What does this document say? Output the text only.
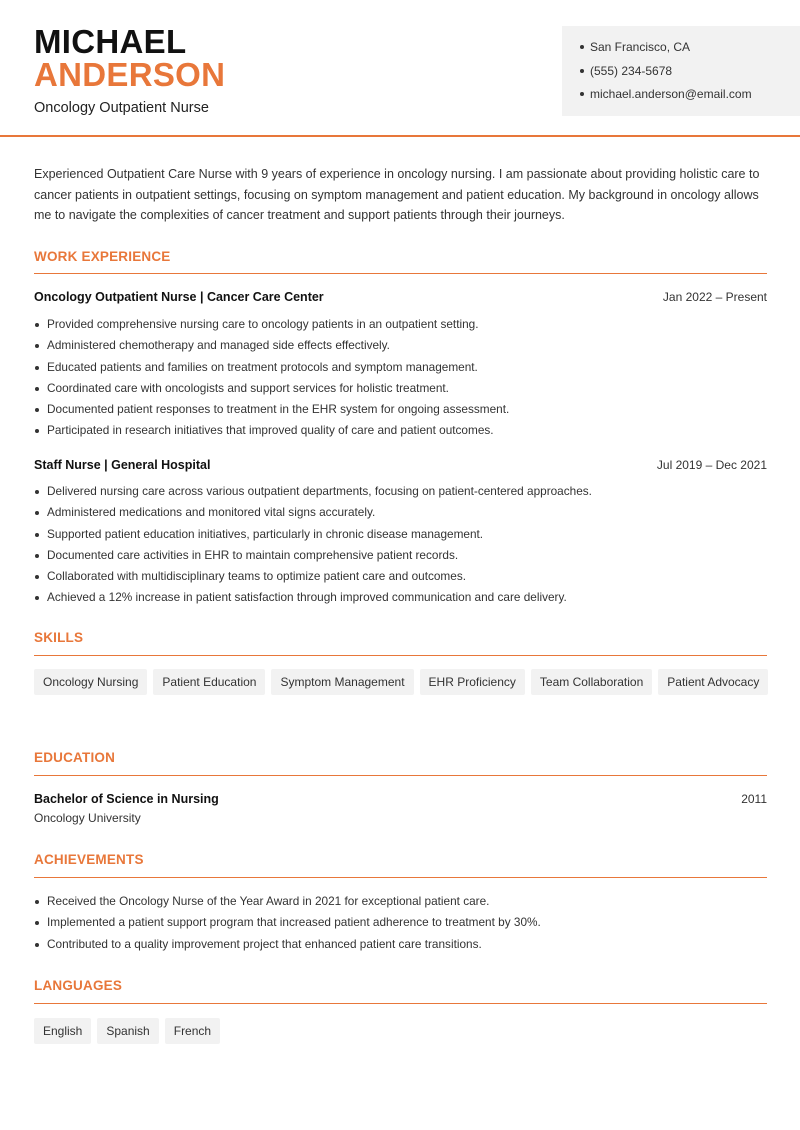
MICHAEL
ANDERSON
Oncology Outpatient Nurse
San Francisco, CA
(555) 234-5678
michael.anderson@email.com

Experienced Outpatient Care Nurse with 9 years of experience in oncology nursing. I am passionate about providing holistic care to cancer patients in outpatient settings, focusing on symptom management and patient education. My background in oncology allows me to navigate the complexities of cancer treatment and support patients through their journeys.

WORK EXPERIENCE
Oncology Outpatient Nurse | Cancer Care Center	Jan 2022 – Present
Provided comprehensive nursing care to oncology patients in an outpatient setting.
Administered chemotherapy and managed side effects effectively.
Educated patients and families on treatment protocols and symptom management.
Coordinated care with oncologists and support services for holistic treatment.
Documented patient responses to treatment in the EHR system for ongoing assessment.
Participated in research initiatives that improved quality of care and patient outcomes.
Staff Nurse | General Hospital	Jul 2019 – Dec 2021
Delivered nursing care across various outpatient departments, focusing on patient-centered approaches.
Administered medications and monitored vital signs accurately.
Supported patient education initiatives, particularly in chronic disease management.
Documented care activities in EHR to maintain comprehensive patient records.
Collaborated with multidisciplinary teams to optimize patient care and outcomes.
Achieved a 12% increase in patient satisfaction through improved communication and care delivery.
SKILLS
Oncology Nursing	Patient Education	Symptom Management	EHR Proficiency	Team Collaboration	Patient Advocacy
EDUCATION
Bachelor of Science in Nursing	2011
Oncology University
ACHIEVEMENTS
Received the Oncology Nurse of the Year Award in 2021 for exceptional patient care.
Implemented a patient support program that increased patient adherence to treatment by 30%.
Contributed to a quality improvement project that enhanced patient care transitions.
LANGUAGES
English	Spanish	French
